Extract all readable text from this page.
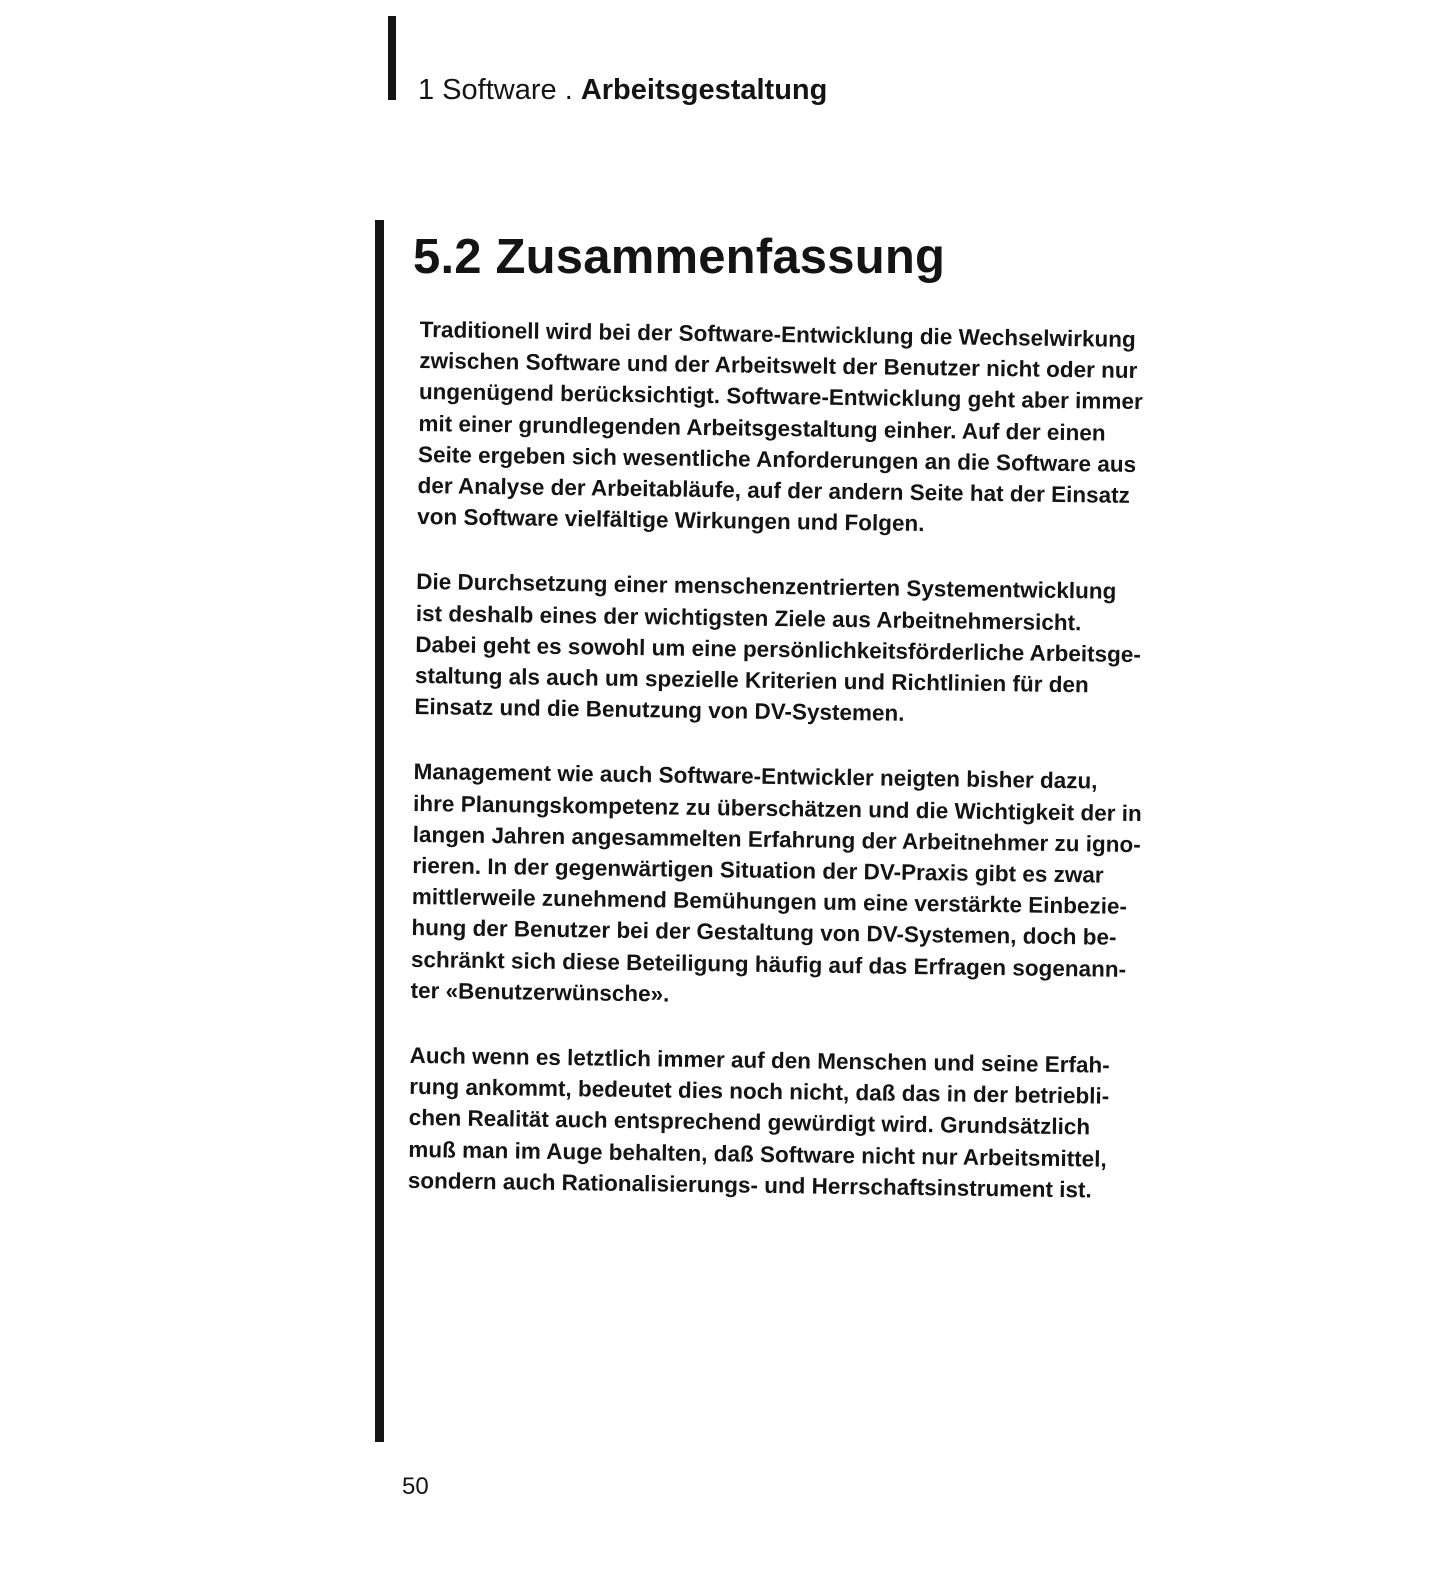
1 Software . Arbeitsgestaltung
5.2 Zusammenfassung

Traditionell wird bei der Software-Entwicklung die Wechselwirkung
zwischen Software und der Arbeitswelt der Benutzer nicht oder nur
ungenügend berücksichtigt. Software-Entwicklung geht aber immer
mit einer grundlegenden Arbeitsgestaltung einher. Auf der einen
Seite ergeben sich wesentliche Anforderungen an die Software aus
der Analyse der Arbeitabläufe, auf der andern Seite hat der Einsatz
von Software vielfältige Wirkungen und Folgen.

Die Durchsetzung einer menschenzentrierten Systementwicklung
ist deshalb eines der wichtigsten Ziele aus Arbeitnehmersicht.
Dabei geht es sowohl um eine persönlichkeitsförderliche Arbeitsge-
staltung als auch um spezielle Kriterien und Richtlinien für den
Einsatz und die Benutzung von DV-Systemen.

Management wie auch Software-Entwickler neigten bisher dazu,
ihre Planungskompetenz zu überschätzen und die Wichtigkeit der in
langen Jahren angesammelten Erfahrung der Arbeitnehmer zu igno-
rieren. In der gegenwärtigen Situation der DV-Praxis gibt es zwar
mittlerweile zunehmend Bemühungen um eine verstärkte Einbezie-
hung der Benutzer bei der Gestaltung von DV-Systemen, doch be-
schränkt sich diese Beteiligung häufig auf das Erfragen sogenann-
ter «Benutzerwünsche».

Auch wenn es letztlich immer auf den Menschen und seine Erfah-
rung ankommt, bedeutet dies noch nicht, daß das in der betriebli-
chen Realität auch entsprechend gewürdigt wird. Grundsätzlich
muß man im Auge behalten, daß Software nicht nur Arbeitsmittel,
sondern auch Rationalisierungs- und Herrschaftsinstrument ist.

50
